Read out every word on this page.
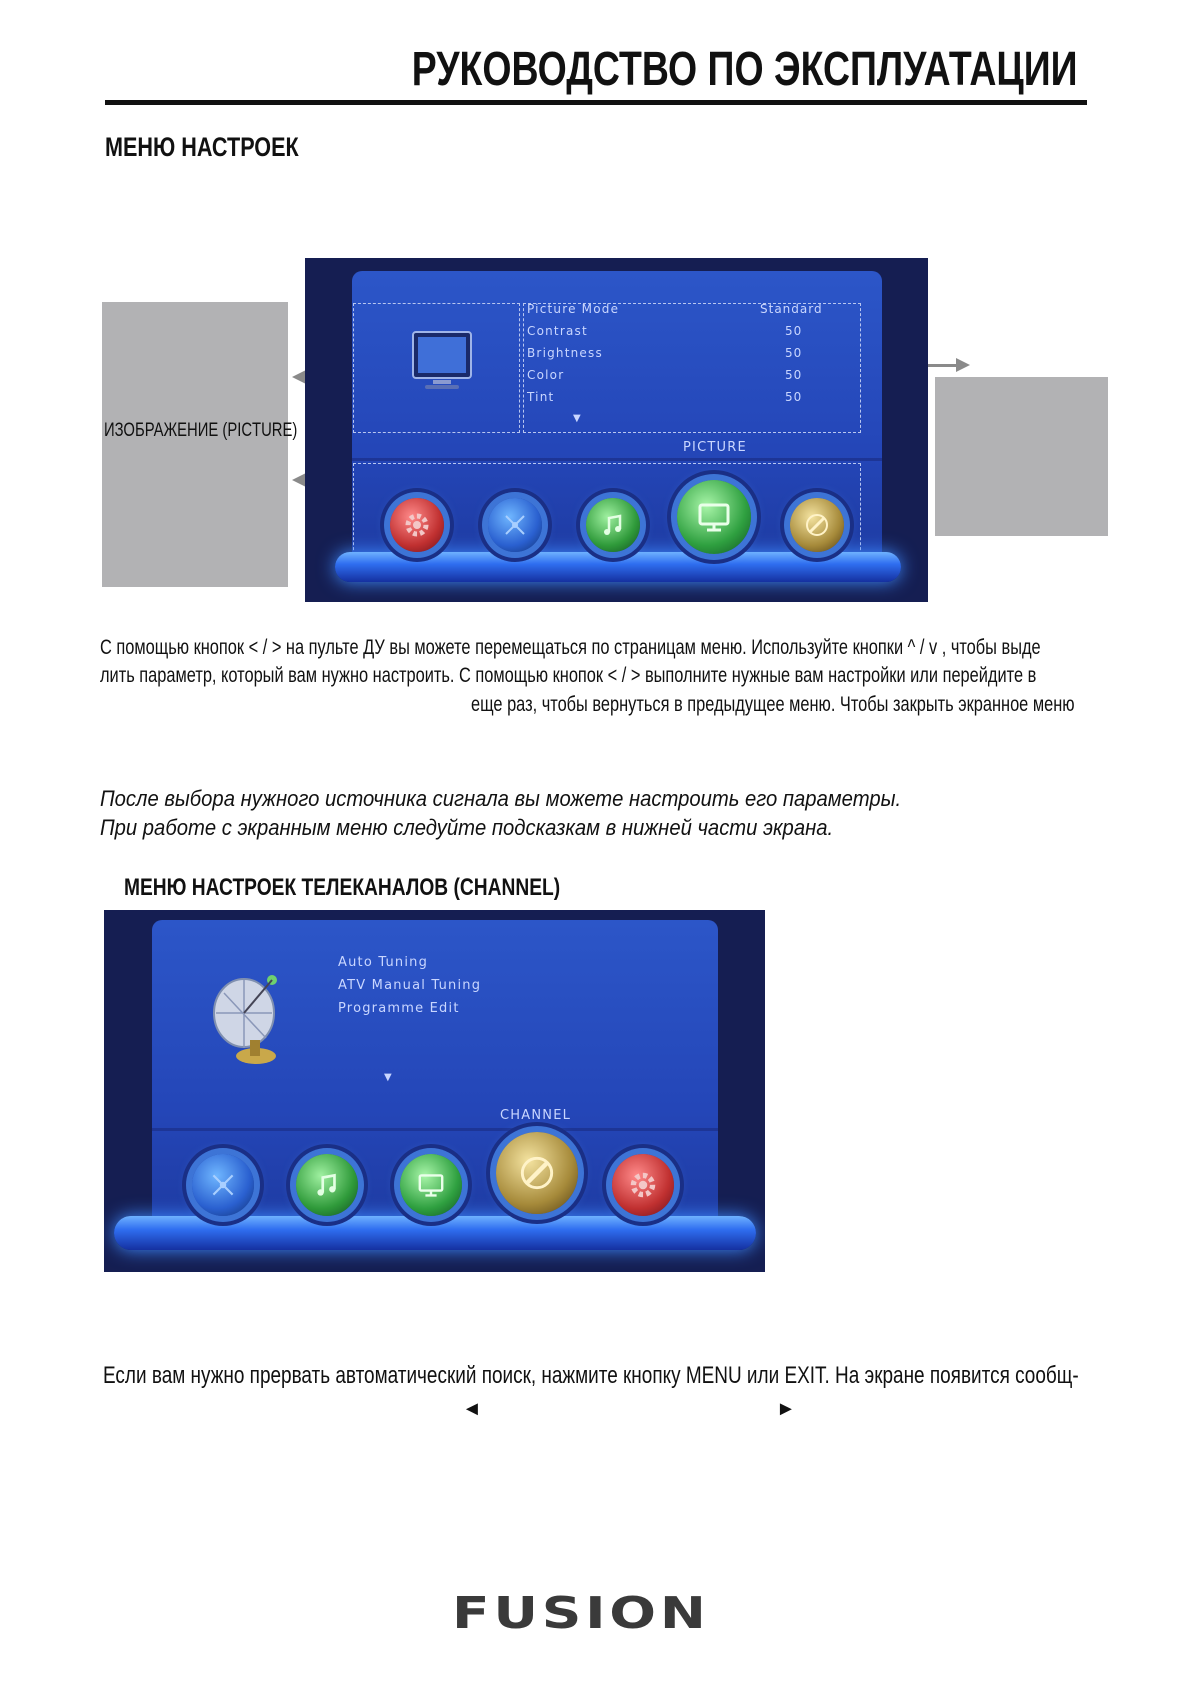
РУКОВОДСТВО ПО ЭКСПЛУАТАЦИИ
МЕНЮ НАСТРОЕК
ИЗОБРАЖЕНИЕ (PICTURE)
Picture Mode	Standard
Contrast	50
Brightness	50
Color	50
Tint	50
▼
PICTURE
С помощью кнопок < / > на пульте ДУ вы можете перемещаться по страницам меню. Используйте кнопки ^ / v , чтобы выде
лить параметр, который вам нужно настроить. С помощью кнопок < / > выполните нужные вам настройки или перейдите в
еще раз, чтобы вернуться в предыдущее меню. Чтобы закрыть экранное меню
После выбора нужного источника сигнала вы можете настроить его параметры.
При работе с экранным меню следуйте подсказкам в нижней части экрана.
МЕНЮ НАСТРОЕК ТЕЛЕКАНАЛОВ (CHANNEL)
Auto Tuning
ATV Manual Tuning
Programme Edit
▼
CHANNEL
Если вам нужно прервать автоматический поиск, нажмите кнопку MENU или EXIT. На экране появится сообщ-
◄	►
FUSION
